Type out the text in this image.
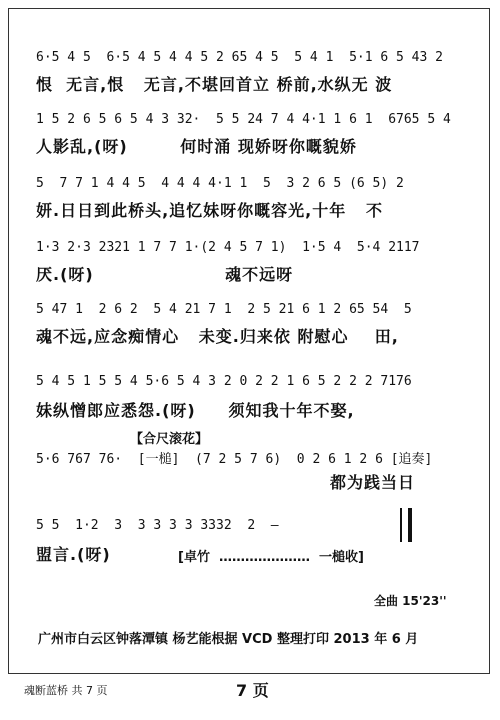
6·5 4 5  6·5 4 5 4 4 5 2 65 4 5  5 4 1  5·1 6 5 43 2
恨  无言,恨   无言,不堪回首立 桥前,水纵无 波
1 5 2 6 5 6 5 4 3 32·  5 5 24 7 4 4·1 1 6 1  6765 5 4
人影乱,(呀)        何时涌 现娇呀你嘅貌娇
5  7 7 1 4 4 5  4 4 4 4·1 1  5  3 2 6 5 (6 5) 2
妍.日日到此桥头,追忆妹呀你嘅容光,十年   不
1·3 2·3 2321 1 7 7 1·(2 4 5 7 1)  1·5 4  5·4 2117
厌.(呀)                    魂不远呀
5 47 1  2 6 2  5 4 21 7 1  2 5 21 6 1 2 65 54  5
魂不远,应念痴情心   未变.归来依 附慰心    田,
5 4 5 1 5 5 4 5·6 5 4 3 2 0 2 2 1 6 5 2 2 2 7176
妹纵憎郎应悉怨.(呀)     须知我十年不娶,
【合尺滚花】
5·6 767 76·  [一槌]  (7 2 5 7 6)  0 2 6 1 2 6 [追奏]
都为践当日
5 5  1·2  3  3 3 3 3 3332  2  —
盟言.(呀)	[卓竹  …………………  一槌收]
全曲 15'23''
广州市白云区钟落潭镇 杨艺能根据 VCD 整理打印 2013 年 6 月
魂断蓝桥 共 7 页	7 页
